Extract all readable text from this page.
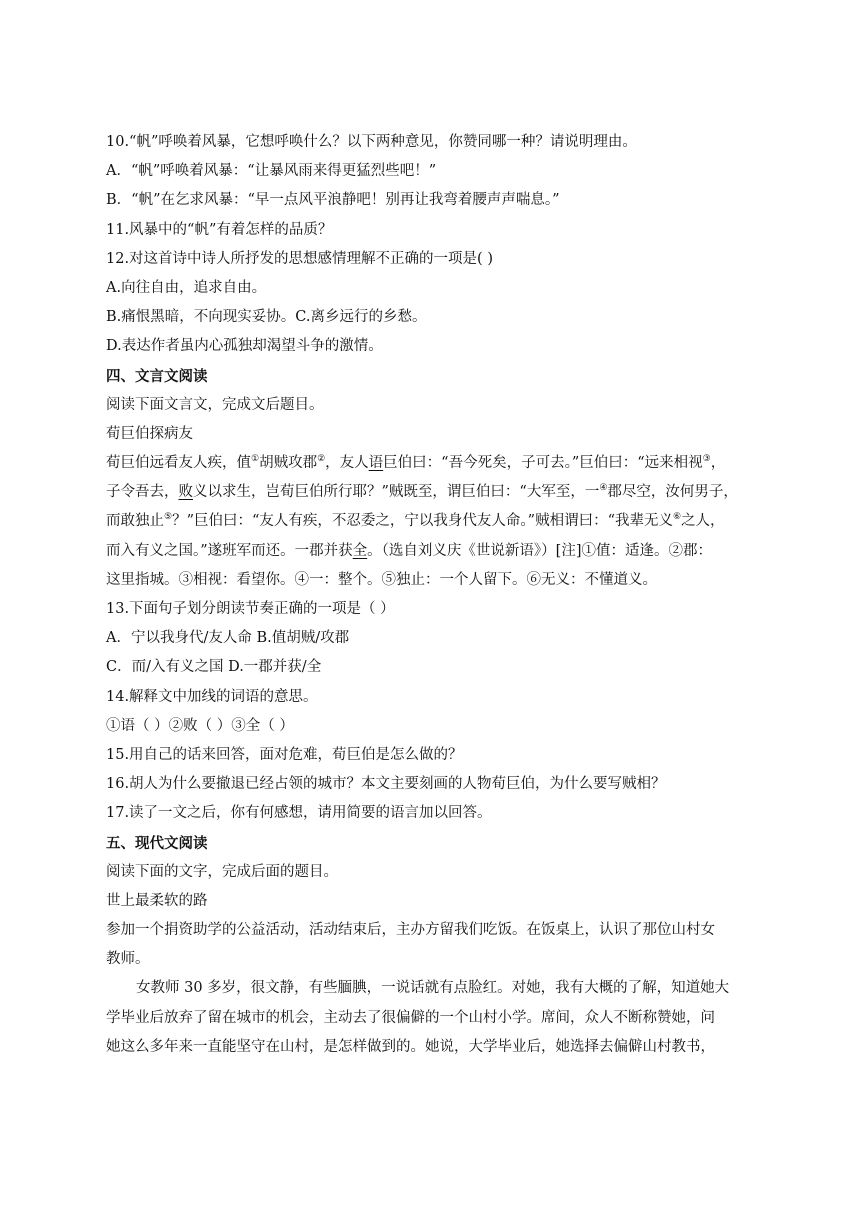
10.“帆”呼唤着风暴，它想呼唤什么？以下两种意见，你赞同哪一种？请说明理由。
A．“帆”呼唤着风暴：“让暴风雨来得更猛烈些吧！”
B．“帆”在乞求风暴：“早一点风平浪静吧！别再让我弯着腰声声喘息。”
11.风暴中的“帆”有着怎样的品质？
12.对这首诗中诗人所抒发的思想感情理解不正确的一项是( )
A.向往自由，追求自由。
B.痛恨黑暗，不向现实妥协。C.离乡远行的乡愁。
D.表达作者虽内心孤独却渴望斗争的激情。
四、文言文阅读
阅读下面文言文，完成文后题目。
荀巨伯探病友
荀巨伯远看友人疾，值①胡贼攻郡②，友人语巨伯曰：“吾今死矣，子可去。”巨伯曰：“远来相视③，
子令吾去，败义以求生，岂荀巨伯所行耶？”贼既至，谓巨伯曰：“大军至，一④郡尽空，汝何男子，
而敢独止⑤？”巨伯曰：“友人有疾，不忍委之，宁以我身代友人命。”贼相谓曰：“我辈无义⑥之人，
而入有义之国。”遂班军而还。一郡并获全。（选自刘义庆《世说新语》）[注]①值：适逢。②郡：
这里指城。③相视：看望你。④一：整个。⑤独止：一个人留下。⑥无义：不懂道义。
13.下面句子划分朗读节奏正确的一项是（ ）
A．宁以我身代/友人命 B.值胡贼/攻郡
C．而/入有义之国 D.一郡并获/全
14.解释文中加线的词语的意思。
①语（ ）②败（ ）③全（ ）
15.用自己的话来回答，面对危难，荀巨伯是怎么做的？
16.胡人为什么要撤退已经占领的城市？本文主要刻画的人物荀巨伯，为什么要写贼相？
17.读了一文之后，你有何感想，请用简要的语言加以回答。
五、现代文阅读
阅读下面的文字，完成后面的题目。
世上最柔软的路
参加一个捐资助学的公益活动，活动结束后，主办方留我们吃饭。在饭桌上，认识了那位山村女
教师。
女教师 30 多岁，很文静，有些腼腆，一说话就有点脸红。对她，我有大概的了解，知道她大
学毕业后放弃了留在城市的机会，主动去了很偏僻的一个山村小学。席间，众人不断称赞她，问
她这么多年来一直能坚守在山村，是怎样做到的。她说，大学毕业后，她选择去偏僻山村教书，
